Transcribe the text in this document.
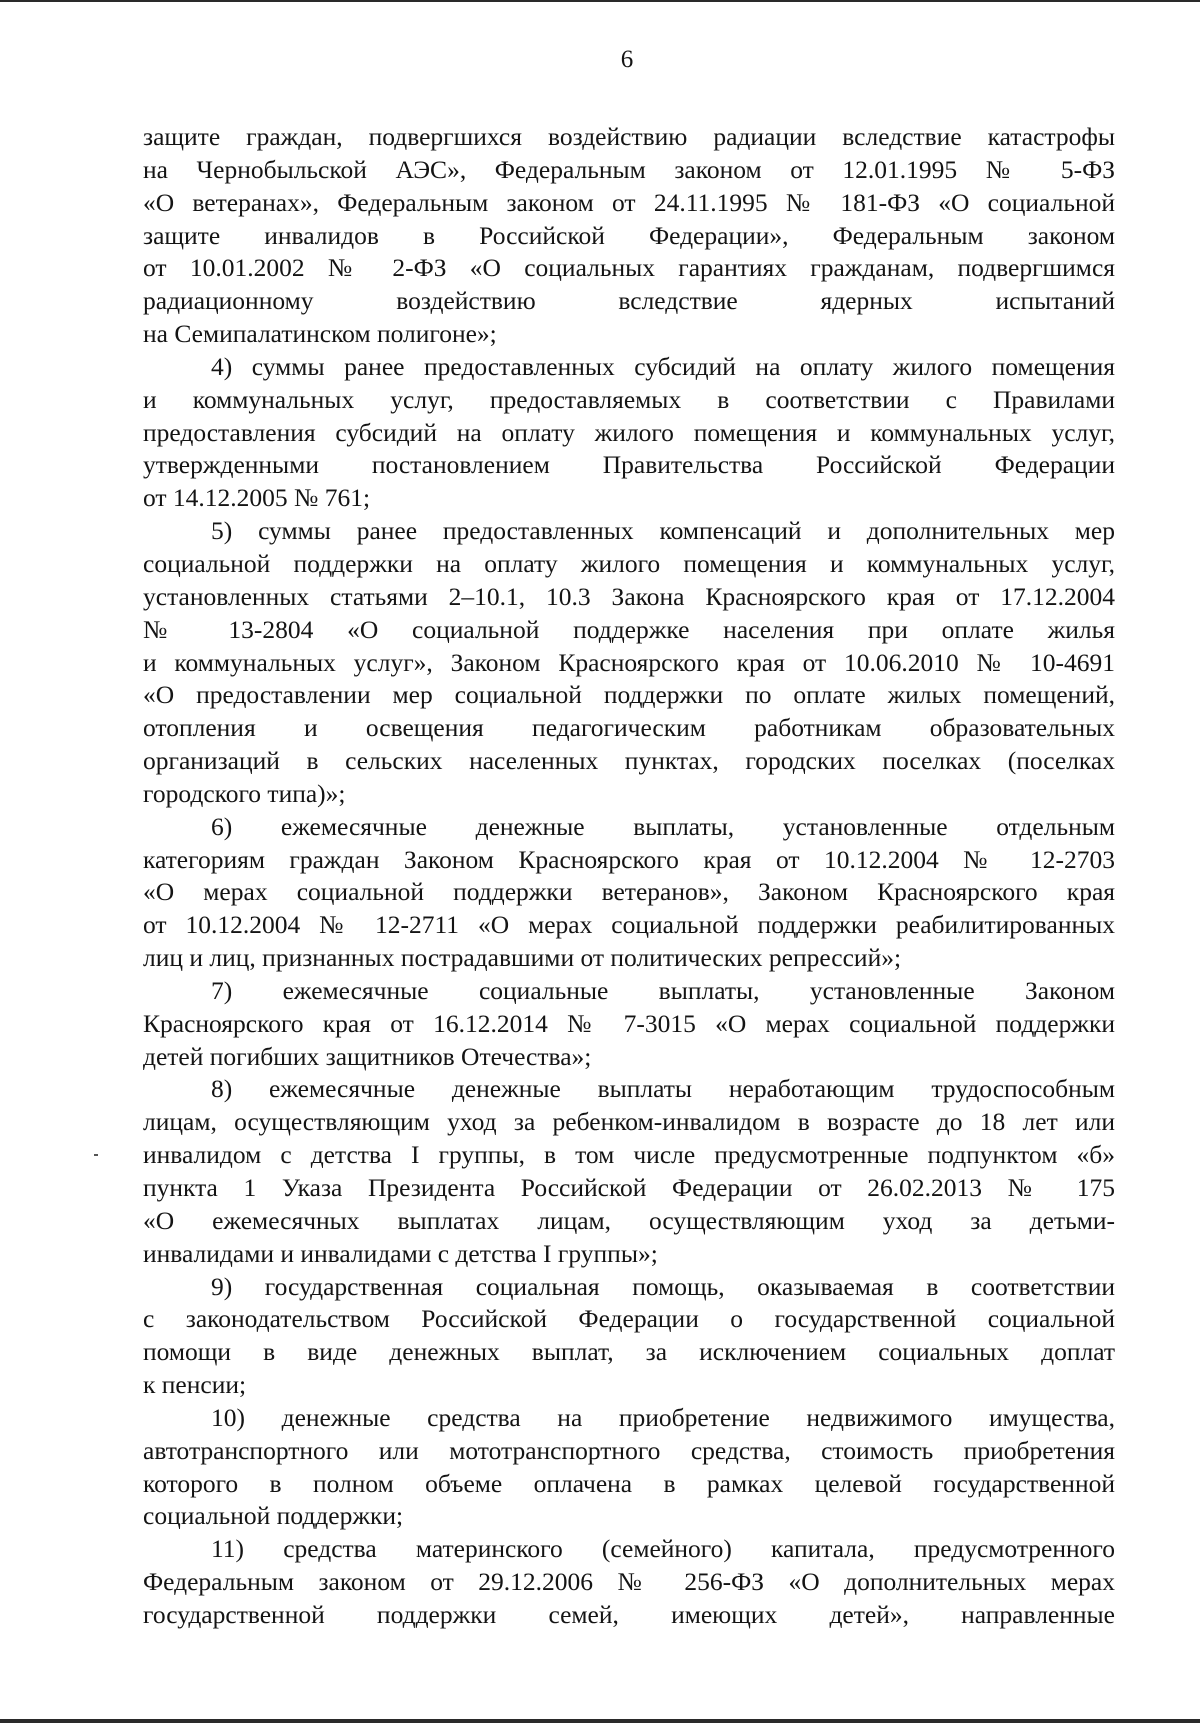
6
защите граждан, подвергшихся воздействию радиации вследствие катастрофы
на Чернобыльской АЭС», Федеральным законом от 12.01.1995 № 5-ФЗ
«О ветеранах», Федеральным законом от 24.11.1995 № 181-ФЗ «О социальной
защите инвалидов в Российской Федерации», Федеральным законом
от 10.01.2002 № 2-ФЗ «О социальных гарантиях гражданам, подвергшимся
радиационному воздействию вследствие ядерных испытаний
на Семипалатинском полигоне»;
4) суммы ранее предоставленных субсидий на оплату жилого помещения
и коммунальных услуг, предоставляемых в соответствии с Правилами
предоставления субсидий на оплату жилого помещения и коммунальных услуг,
утвержденными постановлением Правительства Российской Федерации
от 14.12.2005 № 761;
5) суммы ранее предоставленных компенсаций и дополнительных мер
социальной поддержки на оплату жилого помещения и коммунальных услуг,
установленных статьями 2–10.1, 10.3 Закона Красноярского края от 17.12.2004
№ 13-2804 «О социальной поддержке населения при оплате жилья
и коммунальных услуг», Законом Красноярского края от 10.06.2010 № 10-4691
«О предоставлении мер социальной поддержки по оплате жилых помещений,
отопления и освещения педагогическим работникам образовательных
организаций в сельских населенных пунктах, городских поселках (поселках
городского типа)»;
6) ежемесячные денежные выплаты, установленные отдельным
категориям граждан Законом Красноярского края от 10.12.2004 № 12-2703
«О мерах социальной поддержки ветеранов», Законом Красноярского края
от 10.12.2004 № 12-2711 «О мерах социальной поддержки реабилитированных
лиц и лиц, признанных пострадавшими от политических репрессий»;
7) ежемесячные социальные выплаты, установленные Законом
Красноярского края от 16.12.2014 № 7-3015 «О мерах социальной поддержки
детей погибших защитников Отечества»;
8) ежемесячные денежные выплаты неработающим трудоспособным
лицам, осуществляющим уход за ребенком-инвалидом в возрасте до 18 лет или
инвалидом с детства I группы, в том числе предусмотренные подпунктом «б»
пункта 1 Указа Президента Российской Федерации от 26.02.2013 № 175
«О ежемесячных выплатах лицам, осуществляющим уход за детьми-
инвалидами и инвалидами с детства I группы»;
9) государственная социальная помощь, оказываемая в соответствии
с законодательством Российской Федерации о государственной социальной
помощи в виде денежных выплат, за исключением социальных доплат
к пенсии;
10) денежные средства на приобретение недвижимого имущества,
автотранспортного или мототранспортного средства, стоимость приобретения
которого в полном объеме оплачена в рамках целевой государственной
социальной поддержки;
11) средства материнского (семейного) капитала, предусмотренного
Федеральным законом от 29.12.2006 № 256-ФЗ «О дополнительных мерах
государственной поддержки семей, имеющих детей», направленные
